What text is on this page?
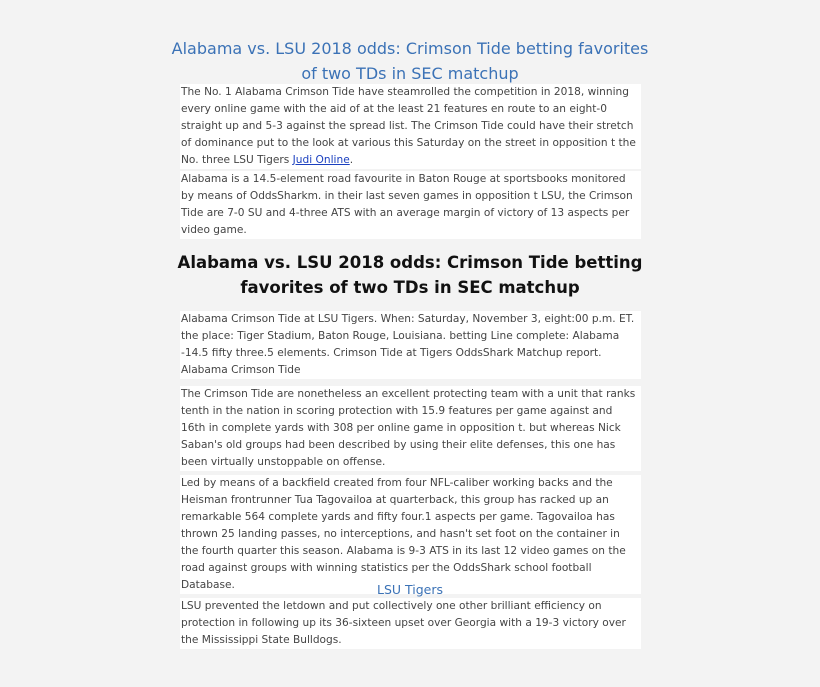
Alabama vs. LSU 2018 odds: Crimson Tide betting favorites of two TDs in SEC matchup

The No. 1 Alabama Crimson Tide have steamrolled the competition in 2018, winning every online game with the aid of at the least 21 features en route to an eight-0 straight up and 5-3 against the spread list. The Crimson Tide could have their stretch of dominance put to the look at various this Saturday on the street in opposition t the No. three LSU Tigers Judi Online.

Alabama is a 14.5-element road favourite in Baton Rouge at sportsbooks monitored by means of OddsSharkm. in their last seven games in opposition t LSU, the Crimson Tide are 7-0 SU and 4-three ATS with an average margin of victory of 13 aspects per video game.

Alabama vs. LSU 2018 odds: Crimson Tide betting favorites of two TDs in SEC matchup

Alabama Crimson Tide at LSU Tigers. When: Saturday, November 3, eight:00 p.m. ET. the place: Tiger Stadium, Baton Rouge, Louisiana. betting Line complete: Alabama -14.5 fifty three.5 elements. Crimson Tide at Tigers OddsShark Matchup report. Alabama Crimson Tide

The Crimson Tide are nonetheless an excellent protecting team with a unit that ranks tenth in the nation in scoring protection with 15.9 features per game against and 16th in complete yards with 308 per online game in opposition t. but whereas Nick Saban's old groups had been described by using their elite defenses, this one has been virtually unstoppable on offense.

Led by means of a backfield created from four NFL-caliber working backs and the Heisman frontrunner Tua Tagovailoa at quarterback, this group has racked up an remarkable 564 complete yards and fifty four.1 aspects per game. Tagovailoa has thrown 25 landing passes, no interceptions, and hasn't set foot on the container in the fourth quarter this season. Alabama is 9-3 ATS in its last 12 video games on the road against groups with winning statistics per the OddsShark school football Database.	LSU Tigers

LSU prevented the letdown and put collectively one other brilliant efficiency on protection in following up its 36-sixteen upset over Georgia with a 19-3 victory over the Mississippi State Bulldogs.
